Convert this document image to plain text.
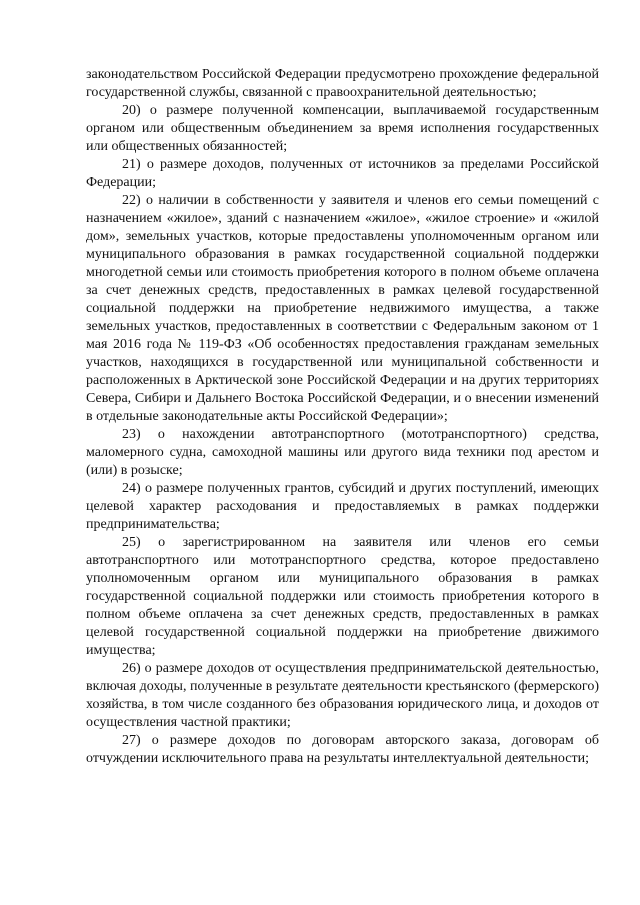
законодательством Российской Федерации предусмотрено прохождение федеральной государственной службы, связанной с правоохранительной деятельностью;

20) о размере полученной компенсации, выплачиваемой государственным органом или общественным объединением за время исполнения государственных или общественных обязанностей;

21) о размере доходов, полученных от источников за пределами Российской Федерации;

22) о наличии в собственности у заявителя и членов его семьи помещений с назначением «жилое», зданий с назначением «жилое», «жилое строение» и «жилой дом», земельных участков, которые предоставлены уполномоченным органом или муниципального образования в рамках государственной социальной поддержки многодетной семьи или стоимость приобретения которого в полном объеме оплачена за счет денежных средств, предоставленных в рамках целевой государственной социальной поддержки на приобретение недвижимого имущества, а также земельных участков, предоставленных в соответствии с Федеральным законом от 1 мая 2016 года № 119-ФЗ «Об особенностях предоставления гражданам земельных участков, находящихся в государственной или муниципальной собственности и расположенных в Арктической зоне Российской Федерации и на других территориях Севера, Сибири и Дальнего Востока Российской Федерации, и о внесении изменений в отдельные законодательные акты Российской Федерации»;

23) о нахождении автотранспортного (мототранспортного) средства, маломерного судна, самоходной машины или другого вида техники под арестом и (или) в розыске;

24) о размере полученных грантов, субсидий и других поступлений, имеющих целевой характер расходования и предоставляемых в рамках поддержки предпринимательства;

25) о зарегистрированном на заявителя или членов его семьи автотранспортного или мототранспортного средства, которое предоставлено уполномоченным органом или муниципального образования в рамках государственной социальной поддержки или стоимость приобретения которого в полном объеме оплачена за счет денежных средств, предоставленных в рамках целевой государственной социальной поддержки на приобретение движимого имущества;

26) о размере доходов от осуществления предпринимательской деятельностью, включая доходы, полученные в результате деятельности крестьянского (фермерского) хозяйства, в том числе созданного без образования юридического лица, и доходов от осуществления частной практики;

27) о размере доходов по договорам авторского заказа, договорам об отчуждении исключительного права на результаты интеллектуальной деятельности;
